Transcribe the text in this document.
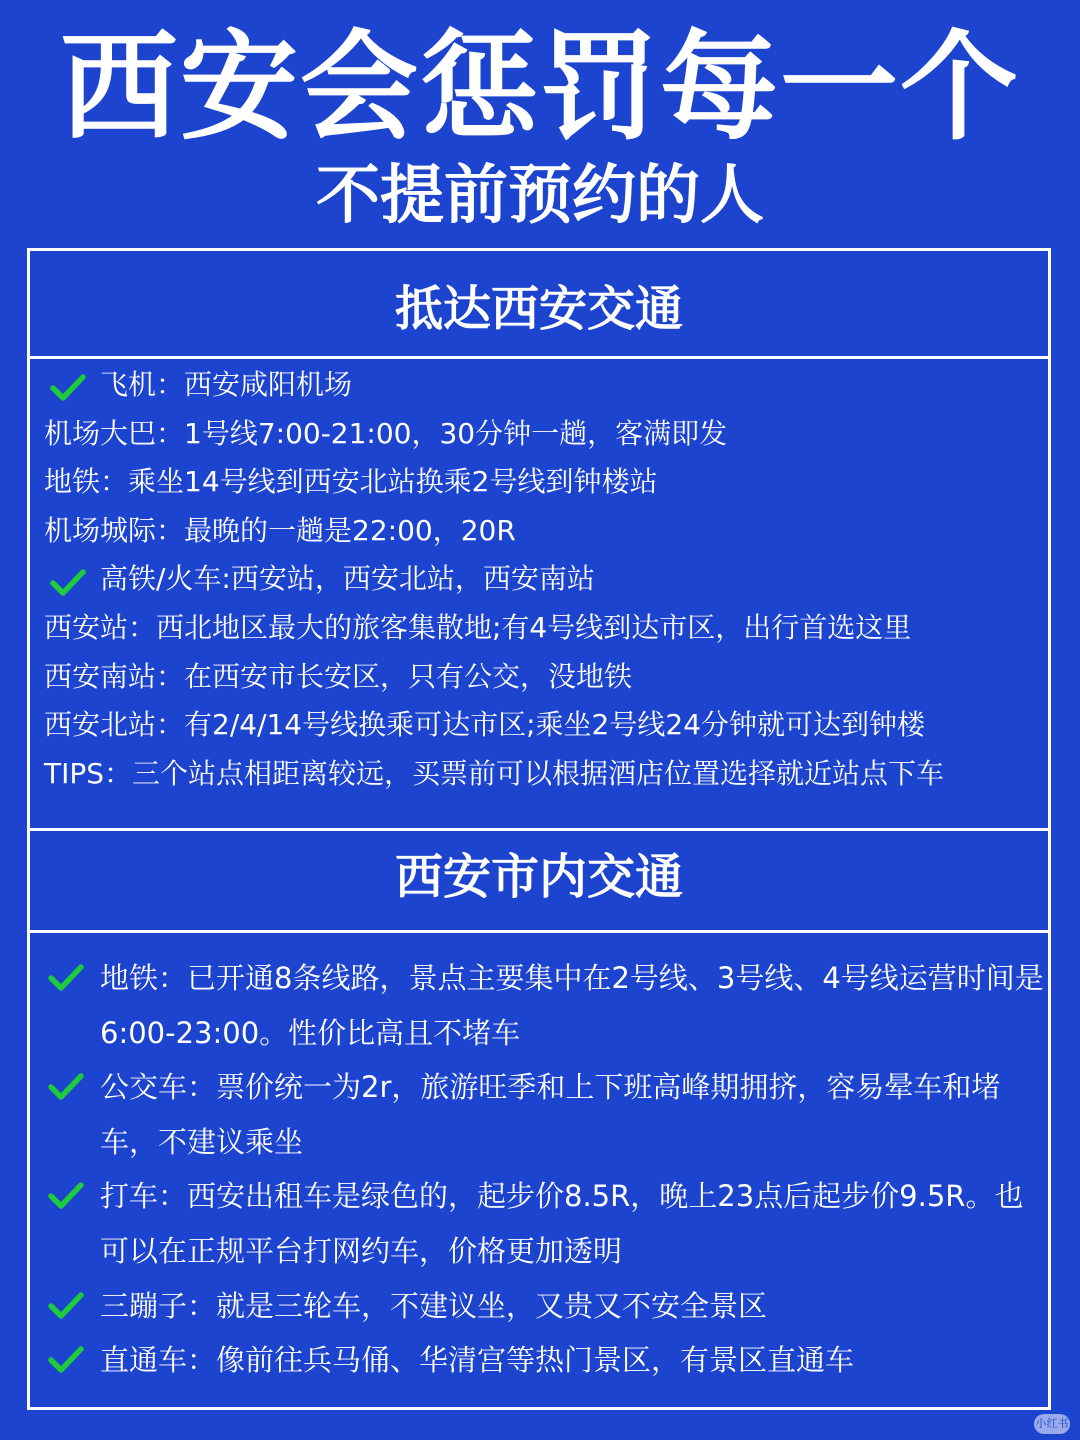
西安会惩罚每一个
不提前预约的人
抵达西安交通
飞机：西安咸阳机场
机场大巴：1号线7:00-21:00，30分钟一趟，客满即发
地铁：乘坐14号线到西安北站换乘2号线到钟楼站
机场城际：最晚的一趟是22:00，20R
高铁/火车:西安站，西安北站，西安南站
西安站：西北地区最大的旅客集散地;有4号线到达市区，出行首选这里
西安南站：在西安市长安区，只有公交，没地铁
西安北站：有2/4/14号线换乘可达市区;乘坐2号线24分钟就可达到钟楼
TIPS：三个站点相距离较远，买票前可以根据酒店位置选择就近站点下车
西安市内交通
地铁：已开通8条线路，景点主要集中在2号线、3号线、4号线运营时间是6:00-23:00。性价比高且不堵车
公交车：票价统一为2r，旅游旺季和上下班高峰期拥挤，容易晕车和堵车，不建议乘坐
打车：西安出租车是绿色的，起步价8.5R，晚上23点后起步价9.5R。也可以在正规平台打网约车，价格更加透明
三蹦子：就是三轮车，不建议坐，又贵又不安全景区
直通车：像前往兵马俑、华清宫等热门景区，有景区直通车
小红书
